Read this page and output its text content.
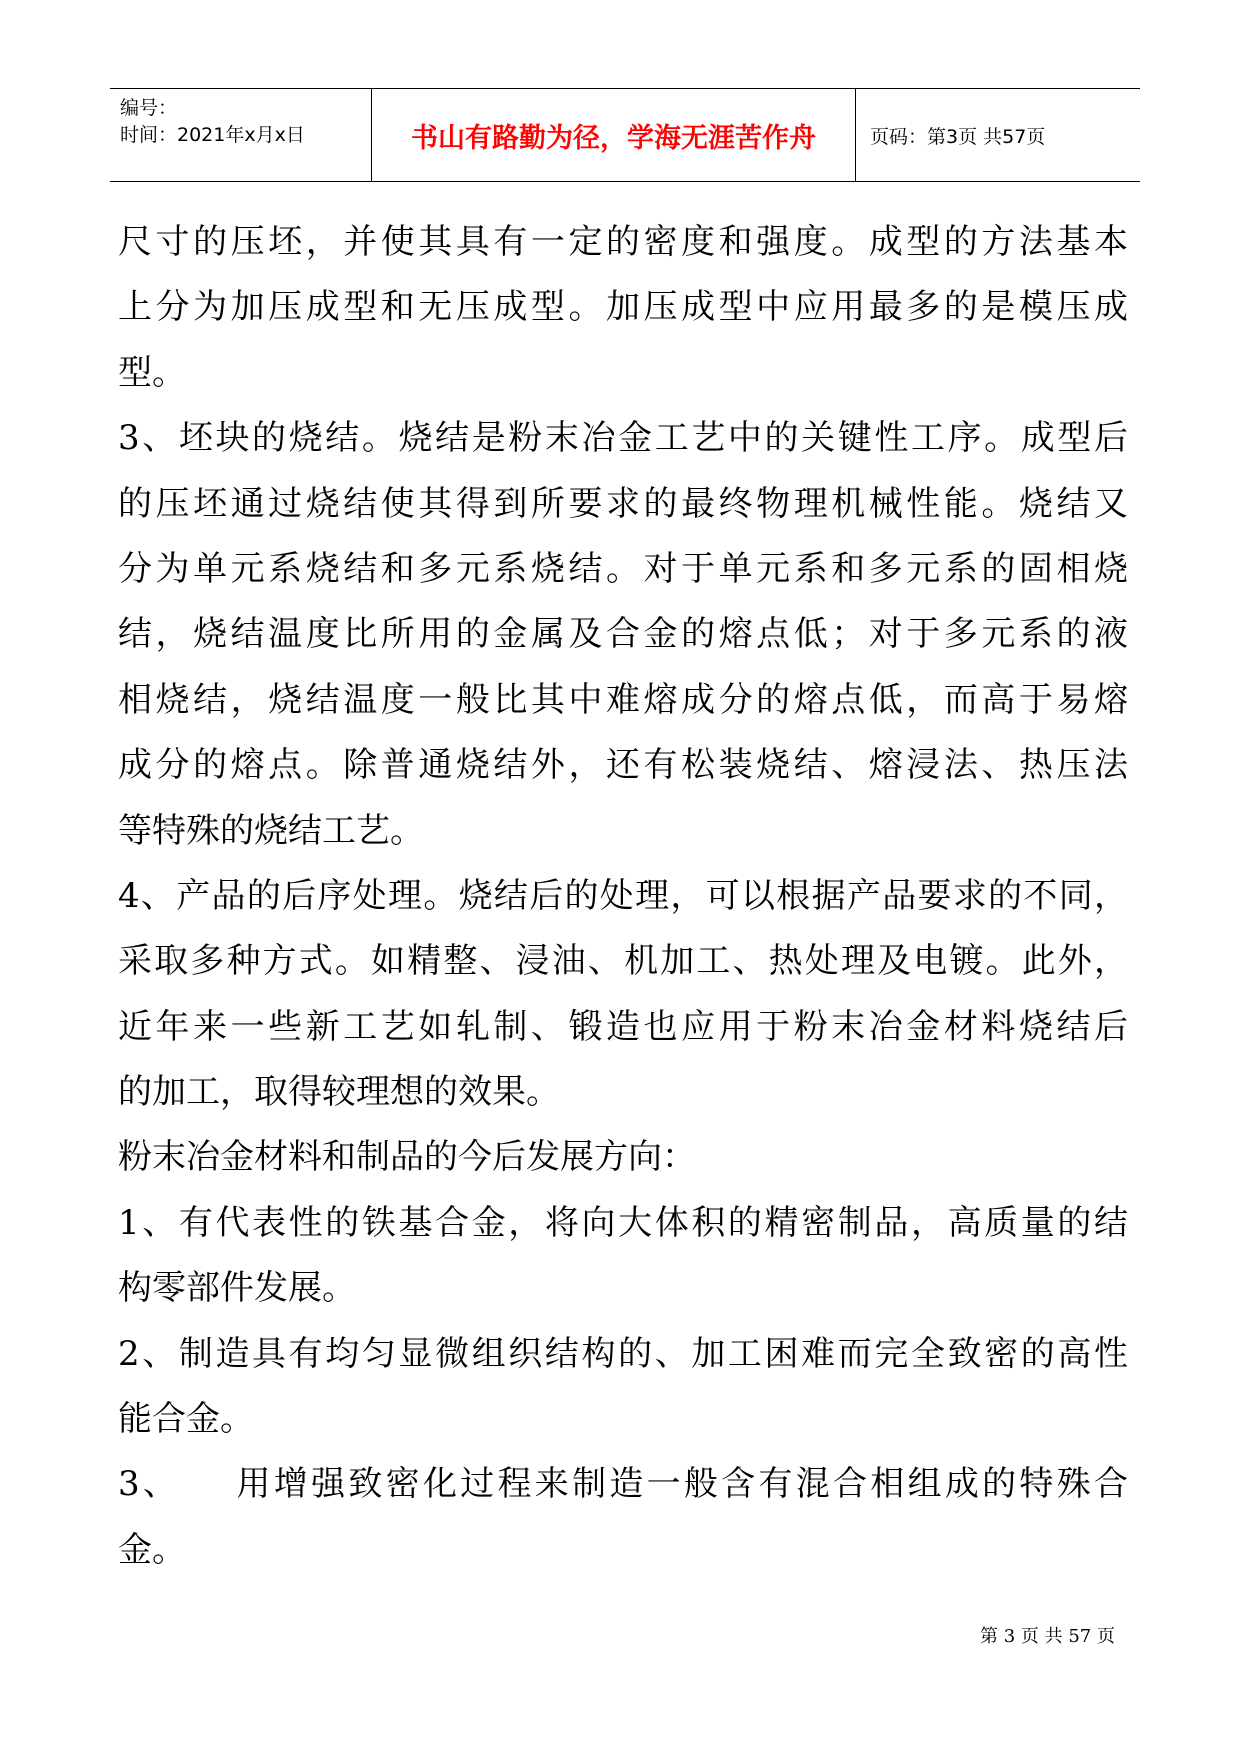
编号：
时间：2021年x月x日	书山有路勤为径，学海无涯苦作舟	页码：第3页 共57页
尺寸的压坯，并使其具有一定的密度和强度。成型的方法基本
上分为加压成型和无压成型。加压成型中应用最多的是模压成
型。
3、坯块的烧结。烧结是粉末冶金工艺中的关键性工序。成型后
的压坯通过烧结使其得到所要求的最终物理机械性能。烧结又
分为单元系烧结和多元系烧结。对于单元系和多元系的固相烧
结，烧结温度比所用的金属及合金的熔点低；对于多元系的液
相烧结，烧结温度一般比其中难熔成分的熔点低，而高于易熔
成分的熔点。除普通烧结外，还有松装烧结、熔浸法、热压法
等特殊的烧结工艺。
4、产品的后序处理。烧结后的处理，可以根据产品要求的不同，
采取多种方式。如精整、浸油、机加工、热处理及电镀。此外，
近年来一些新工艺如轧制、锻造也应用于粉末冶金材料烧结后
的加工，取得较理想的效果。
粉末冶金材料和制品的今后发展方向：
1、有代表性的铁基合金，将向大体积的精密制品，高质量的结
构零部件发展。
2、制造具有均匀显微组织结构的、加工困难而完全致密的高性
能合金。
3、    用增强致密化过程来制造一般含有混合相组成的特殊合
金。
第 3 页 共 57 页
